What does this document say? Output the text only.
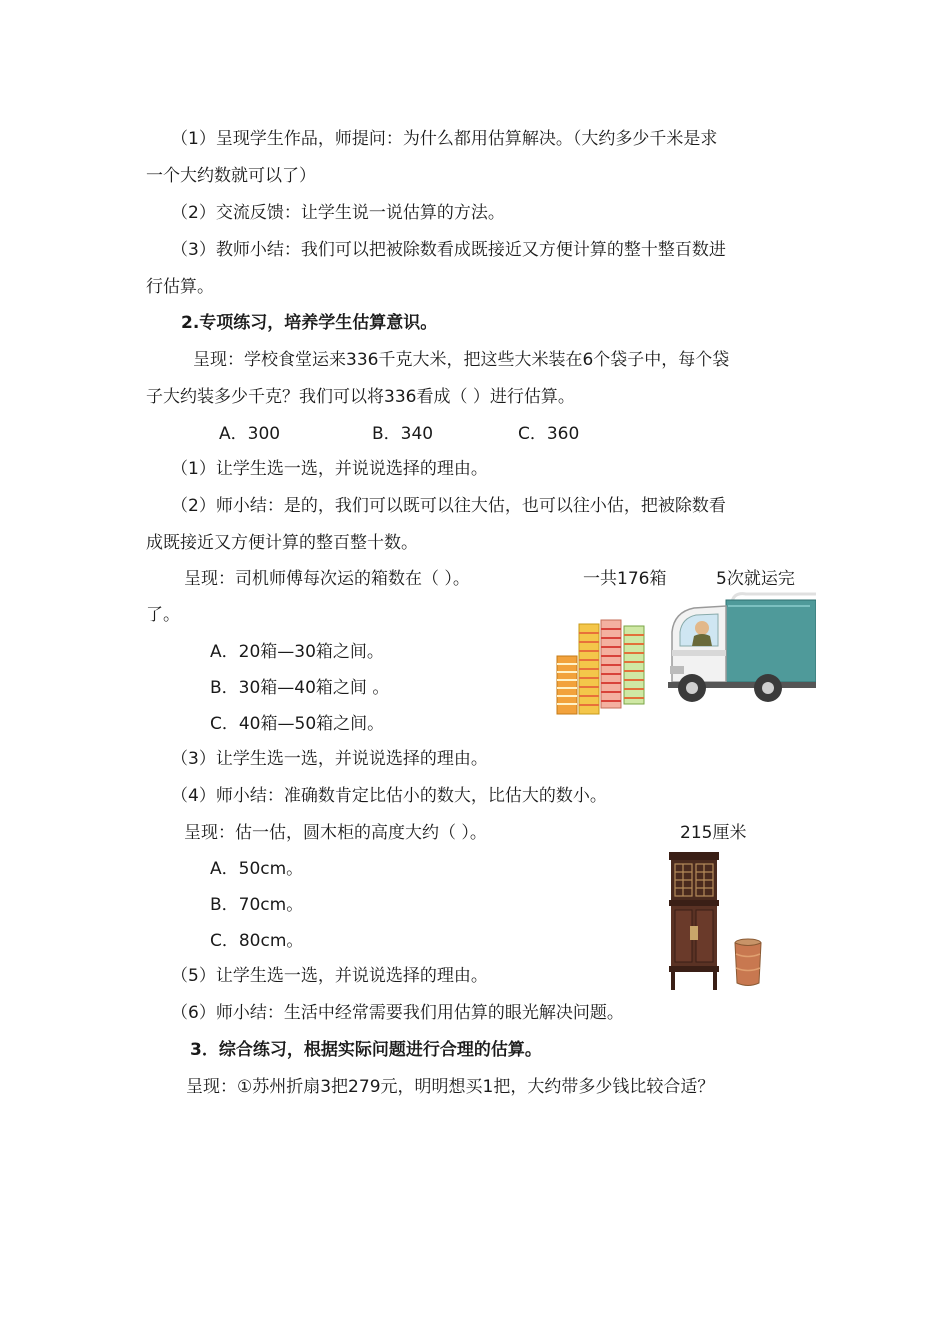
（1）呈现学生作品，师提问：为什么都用估算解决。（大约多少千米是求
一个大约数就可以了）
（2）交流反馈：让学生说一说估算的方法。
（3）教师小结：我们可以把被除数看成既接近又方便计算的整十整百数进
行估算。
2.专项练习，培养学生估算意识。
呈现：学校食堂运来336千克大米，把这些大米装在6个袋子中，每个袋
子大约装多少千克？我们可以将336看成（ ）进行估算。
A．300	B．340	C．360
（1）让学生选一选，并说说选择的理由。
（2）师小结：是的，我们可以既可以往大估，也可以往小估，把被除数看
成既接近又方便计算的整百整十数。
呈现：司机师傅每次运的箱数在（ ）。	一共176箱	5次就运完
了。
A．20箱—30箱之间。
B．30箱—40箱之间 。
C．40箱—50箱之间。
（3）让学生选一选，并说说选择的理由。
（4）师小结：准确数肯定比估小的数大，比估大的数小。
呈现：估一估，圆木柜的高度大约（ ）。	215厘米
A．50cm。
B．70cm。
C．80cm。
（5）让学生选一选，并说说选择的理由。
（6）师小结：生活中经常需要我们用估算的眼光解决问题。
3．综合练习，根据实际问题进行合理的估算。
呈现：①苏州折扇3把279元，明明想买1把，大约带多少钱比较合适？
